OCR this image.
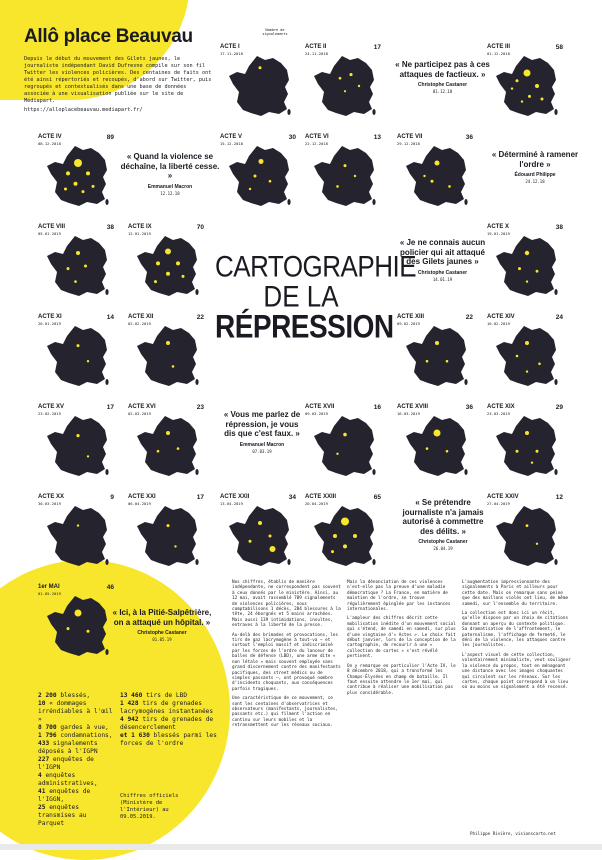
Allô place Beauvau

Depuis le début du mouvement des Gilets jaunes, le journaliste indépendant David Dufresne compile sur son fil Twitter les violences policières. Des centaines de faits ont été ainsi répertoriés et recoupés, d'abord sur Twitter, puis regroupés et contextualisés dans une base de données associée à une visualisation publiée sur le site de Médiapart.

https://alloplacebeauvau.mediapart.fr/
Nombre de signalements
CARTOGRAPHIE
DE LA
RÉPRESSION
ACTE I
17.11.2018
ACTE II
24.11.2018
17	ACTE III
01.12.2018
58
ACTE IV
08.12.2018
89	ACTE V
15.12.2018
30 ACTE VI
22.12.2018
13	ACTE VII
29.12.2018
36
ACTE VIII
05.01.2019
38 ACTE IX
12.01.2019
70	ACTE X
19.01.2019
38
ACTE XI
26.01.2019
14 ACTE XII
02.02.2019
22	ACTE XIII
09.02.2019
22 ACTE XIV
16.02.2019
24
ACTE XV
23.02.2019
17 ACTE XVI
02.03.2019
23	ACTE XVII
09.03.2019
16	ACTE XVIII
16.03.2019
36 ACTE XIX
23.03.2019
29
ACTE XX
30.03.2019
9 ACTE XXI
06.04.2019
17	ACTE XXII
13.04.2019
34 ACTE XXIII
20.04.2019
65	ACTE XXIV
27.04.2019
12
1er MAI
01.05.2019
46
« Ne participez pas à ces attaques de factieux. »
Christophe Castaner
01.12.18
« Quand la violence se déchaîne, la liberté cesse. »
Emmanuel Macron
12.12.18
« Déterminé à ramener l'ordre »
Édouard Philippe
24.12.18
« Je ne connais aucun policier qui ait attaqué des Gilets jaunes »
Christophe Castaner
14.01.19
« Vous me parlez de répression, je vous dis que c'est faux. »
Emmanuel Macron
07.03.19
« Se prétendre journaliste n'a jamais autorisé à commettre des délits. »
Christophe Castaner
26.04.19
« Ici, à la Pitié-Salpêtrière, on a attaqué un hôpital. »
Christophe Castaner
01.05.19
2 200 blessés,
10 « dommages irréndiables à l'œil »
8 700 gardes à vue,
1 796 condamnations,
433 signalements déposés à l'IGPN
227 enquêtes de l'IGPN
4 enquêtes administratives,
41 enquêtes de l'IGGN,
25 enquêtes transmises au Parquet
13 460 tirs de LBD
1 428 tirs de grenades lacrymogènes instantanées
4 942 tirs de grenades de désencerclement
et 1 630 blessés parmi les forces de l'ordre
Chiffres officiels (Ministère de l'Intérieur) au 09.05.2019.

Nos chiffres, établis de manière indépendante, ne correspondent pas souvent à ceux donnés par le ministère. Ainsi, au 12 mai, avait rassemblé 789 signalements de violences policières, nous comptabilisons 1 décès, 284 blessures à la tête, 24 éborgnés et 5 mains arrachées. Mais aussi 139 intimidations, insultes, entraves à la liberté de la presse.

Au-delà des brimades et provocations, les tirs de gaz lacrymogène à tout-va – et surtout l'emploi massif et indiscriminé par les forces de l'ordre du lanceur de balles de défense (LBD), une arme dite « non létale » mais souvent employée sans grand discernement contre des manifestants pacifiques, des street médics ou de simples passants –, ont provoqué nombre d'incidents choquants, aux conséquences parfois tragiques.

Une caractéristique de ce mouvement, ce sont les centaines d'observatrices et observateurs (manifestants, journalistes, passants etc.) qui filment l'action en continu sur leurs mobiles et la retransmettent sur les réseaux sociaux.

Mais la dénonciation de ces violences n'est-elle pas la preuve d'une maladie démocratique ? La France, en matière de maintien de l'ordre, se trouve régulièrement épinglée par les instances internationales.

L'ampleur des chiffres décrit cette mobilisation inédite d'un mouvement social qui s'étend, de samedi en samedi, sur plus d'une vingtaine d'« Actes ». Le choix fait début janvier, lors de la conception de la cartographie, de recourir à une « collection de cartes » s'est révélé pertinent.

On y remarque en particulier l'Acte IV, le 8 décembre 2018, qui a transformé les Champs-Élysées en champ de bataille. Il faut ensuite attendre le 1er mai, qui contribue à réaliser une mobilisation pas plus considérable.

L'augmentation impressionnante des signalements à Paris et ailleurs pour cette date. Mais on remarque sans peine que des maillons violés ont lieu, de même samedi, sur l'ensemble du territoire.

La collection est donc ici un récit, qu'elle dispose par un choix de citations donnant un aperçu du contexte politique. Sa dramatisation de l'affrontement, le paternalisme, l'affichage de fermeté, le déni de la violence, les attaques contre les journalistes.

L'aspect visuel de cette collection, volontairement minimaliste, veut souligner la violence du propos, tout en ménageant une distance avec les images choquantes qui circulent sur les réseaux. Sur les cartes, chaque point correspond à un lieu où au moins un signalement a été recensé.

Philippe Rivière, visionscarto.net
